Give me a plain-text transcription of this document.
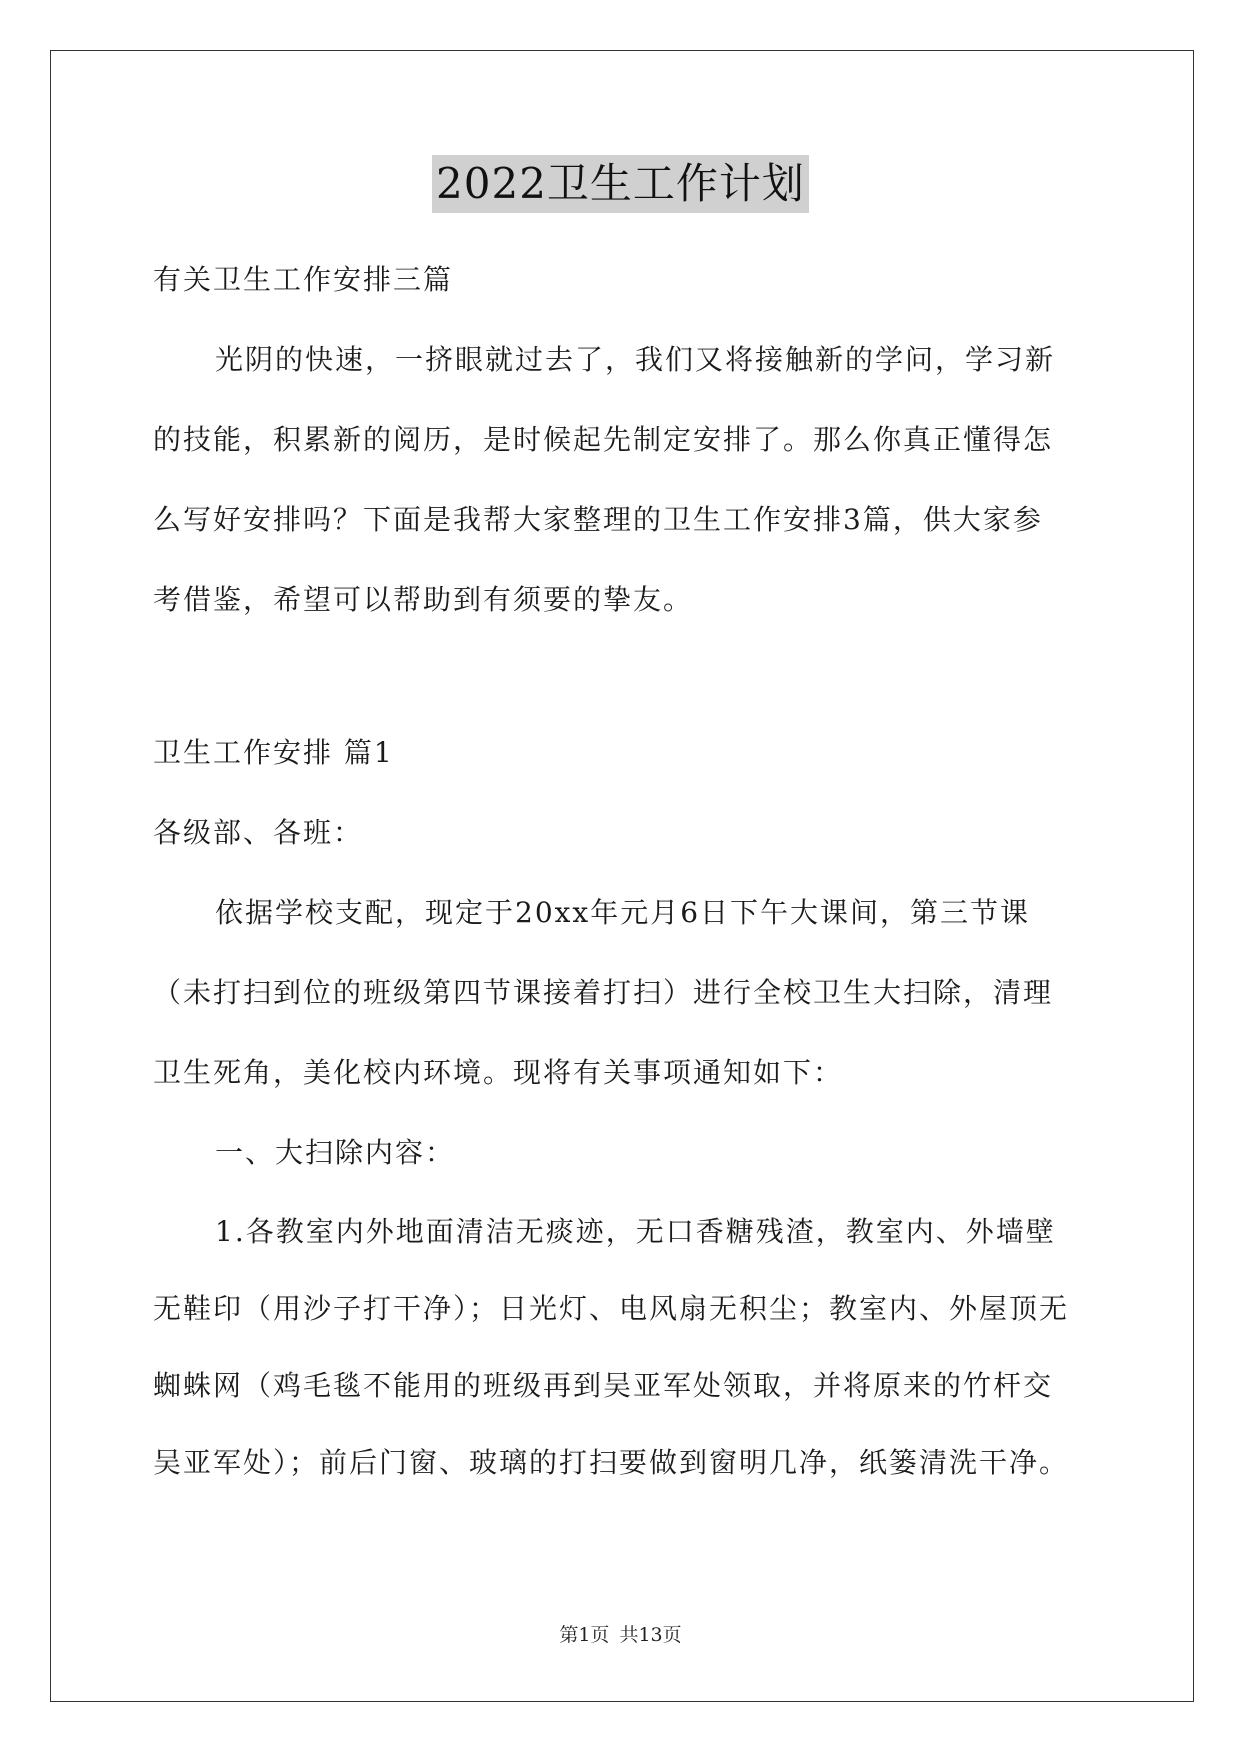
2022卫生工作计划
有关卫生工作安排三篇
光阴的快速，一挤眼就过去了，我们又将接触新的学问，学习新
的技能，积累新的阅历，是时候起先制定安排了。那么你真正懂得怎
么写好安排吗？下面是我帮大家整理的卫生工作安排3篇，供大家参
考借鉴，希望可以帮助到有须要的挚友。
卫生工作安排 篇1
各级部、各班：
依据学校支配，现定于20xx年元月6日下午大课间，第三节课
（未打扫到位的班级第四节课接着打扫）进行全校卫生大扫除，清理
卫生死角，美化校内环境。现将有关事项通知如下：
一、大扫除内容：
1.各教室内外地面清洁无痰迹，无口香糖残渣，教室内、外墙壁
无鞋印（用沙子打干净）；日光灯、电风扇无积尘；教室内、外屋顶无
蜘蛛网（鸡毛毯不能用的班级再到吴亚军处领取，并将原来的竹杆交
吴亚军处）；前后门窗、玻璃的打扫要做到窗明几净，纸篓清洗干净。
第1页 共13页
